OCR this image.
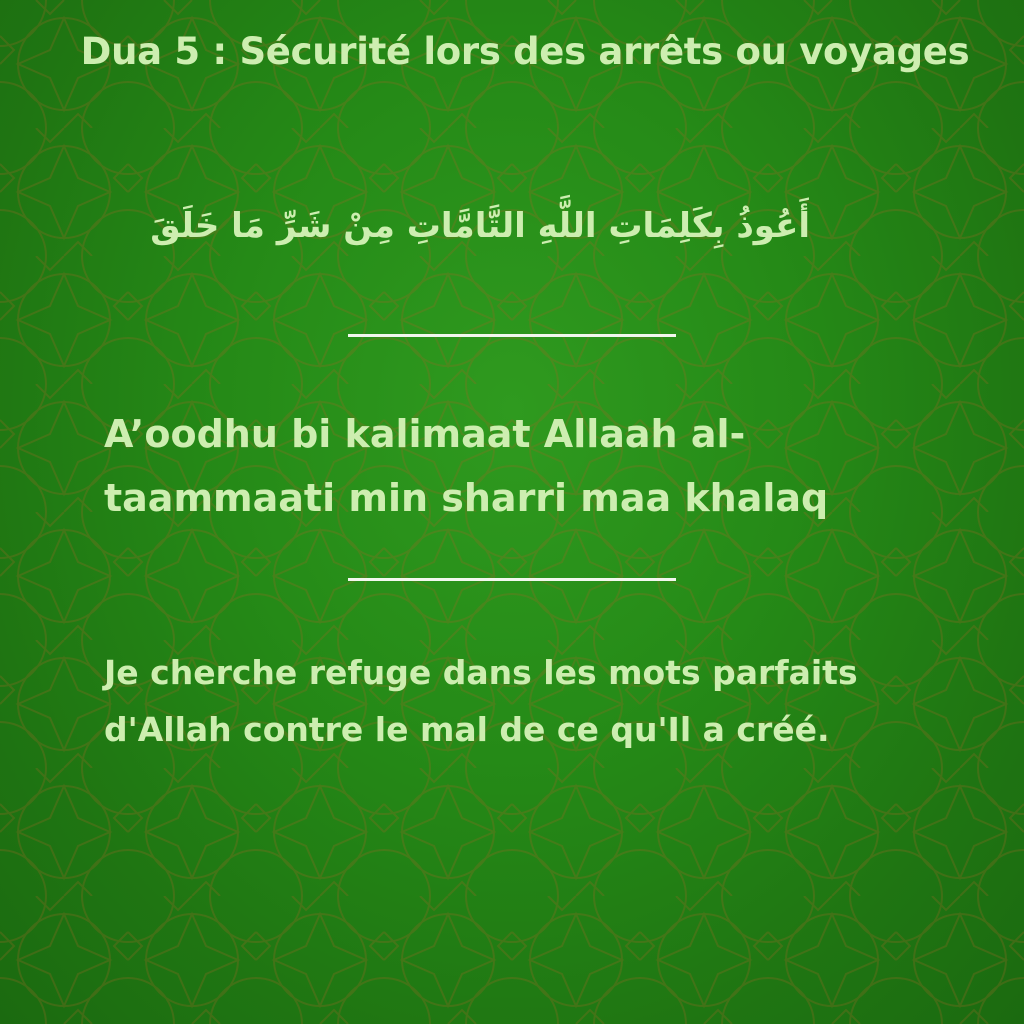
Dua 5 : Sécurité lors des arrêts ou voyages
أَعُوذُ بِكَلِمَاتِ اللَّهِ التَّامَّاتِ مِنْ شَرِّ مَا خَلَقَ
A’oodhu bi kalimaat Allaah al-taammaati min sharri maa khalaq
Je cherche refuge dans les mots parfaits d'Allah contre le mal de ce qu'Il a créé.
